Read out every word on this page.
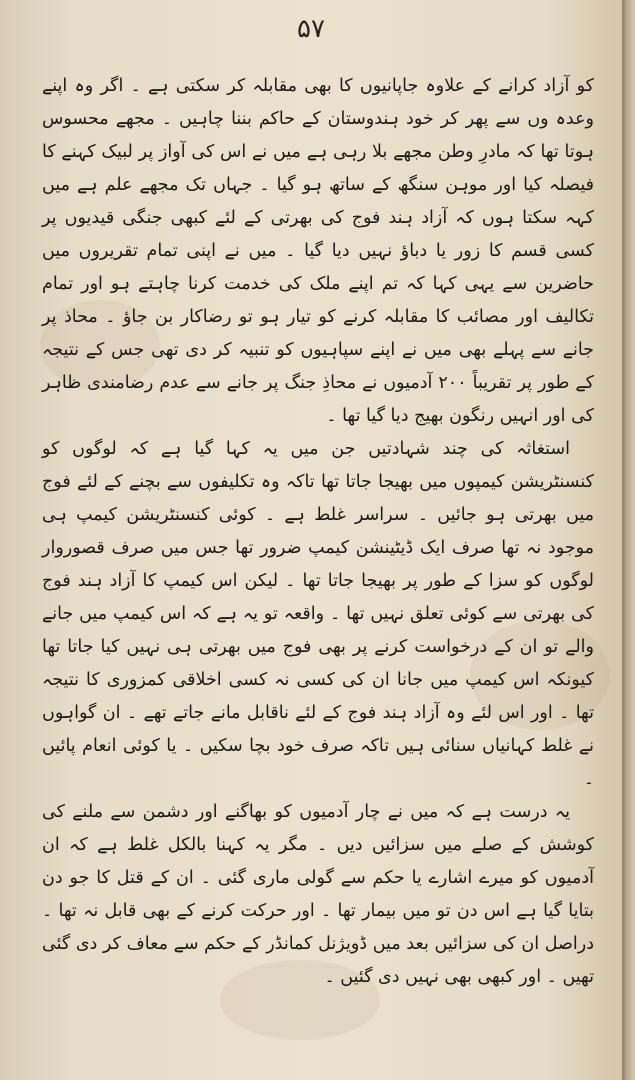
۵۷

کو آزاد کرانے کے علاوہ جاپانیوں کا بھی مقابلہ کر سکتی ہے ۔ اگر وہ اپنے وعدہ وں سے پھر کر خود ہندوستان کے حاکم بننا چاہیں ۔ مجھے محسوس ہوتا تھا کہ مادرِ وطن مجھے بلا رہی ہے میں نے اس کی آواز پر لبیک کہنے کا فیصلہ کیا اور موہن سنگھ کے ساتھ ہو گیا ۔ جہاں تک مجھے علم ہے میں کہہ سکتا ہوں کہ آزاد ہند فوج کی بھرتی کے لئے کبھی جنگی قیدیوں پر کسی قسم کا زور یا دباؤ نہیں دیا گیا ۔ میں نے اپنی تمام تقریروں میں حاضرین سے یہی کہا کہ تم اپنے ملک کی خدمت کرنا چاہتے ہو اور تمام تکالیف اور مصائب کا مقابلہ کرنے کو تیار ہو تو رضاکار بن جاؤ ۔ محاذ پر جانے سے پہلے بھی میں نے اپنے سپاہیوں کو تنبیہ کر دی تھی جس کے نتیجہ کے طور پر تقریباً ۲۰۰ آدمیوں نے محاذِ جنگ پر جانے سے عدم رضامندی ظاہر کی اور انہیں رنگون بھیج دیا گیا تھا ۔

استغاثہ کی چند شہادتیں جن میں یہ کہا گیا ہے کہ لوگوں کو کنسنٹریشن کیمپوں میں بھیجا جاتا تھا تاکہ وہ تکلیفوں سے بچنے کے لئے فوج میں بھرتی ہو جائیں ۔ سراسر غلط ہے ۔ کوئی کنسنٹریشن کیمپ ہی موجود نہ تھا صرف ایک ڈیٹینشن کیمپ ضرور تھا جس میں صرف قصوروار لوگوں کو سزا کے طور پر بھیجا جاتا تھا ۔ لیکن اس کیمپ کا آزاد ہند فوج کی بھرتی سے کوئی تعلق نہیں تھا ۔ واقعہ تو یہ ہے کہ اس کیمپ میں جانے والے تو ان کے درخواست کرنے پر بھی فوج میں بھرتی ہی نہیں کیا جاتا تھا کیونکہ اس کیمپ میں جانا ان کی کسی نہ کسی اخلاقی کمزوری کا نتیجہ تھا ۔ اور اس لئے وہ آزاد ہند فوج کے لئے ناقابل مانے جاتے تھے ۔ ان گواہوں نے غلط کہانیاں سنائی ہیں تاکہ صرف خود بچا سکیں ۔ یا کوئی انعام پائیں ۔

یہ درست ہے کہ میں نے چار آدمیوں کو بھاگنے اور دشمن سے ملنے کی کوشش کے صلے میں سزائیں دیں ۔ مگر یہ کہنا بالکل غلط ہے کہ ان آدمیوں کو میرے اشارے یا حکم سے گولی ماری گئی ۔ ان کے قتل کا جو دن بتایا گیا ہے اس دن تو میں بیمار تھا ۔ اور حرکت کرنے کے بھی قابل نہ تھا ۔ دراصل ان کی سزائیں بعد میں ڈویژنل کمانڈر کے حکم سے معاف کر دی گئی تھیں ۔ اور کبھی بھی نہیں دی گئیں ۔
